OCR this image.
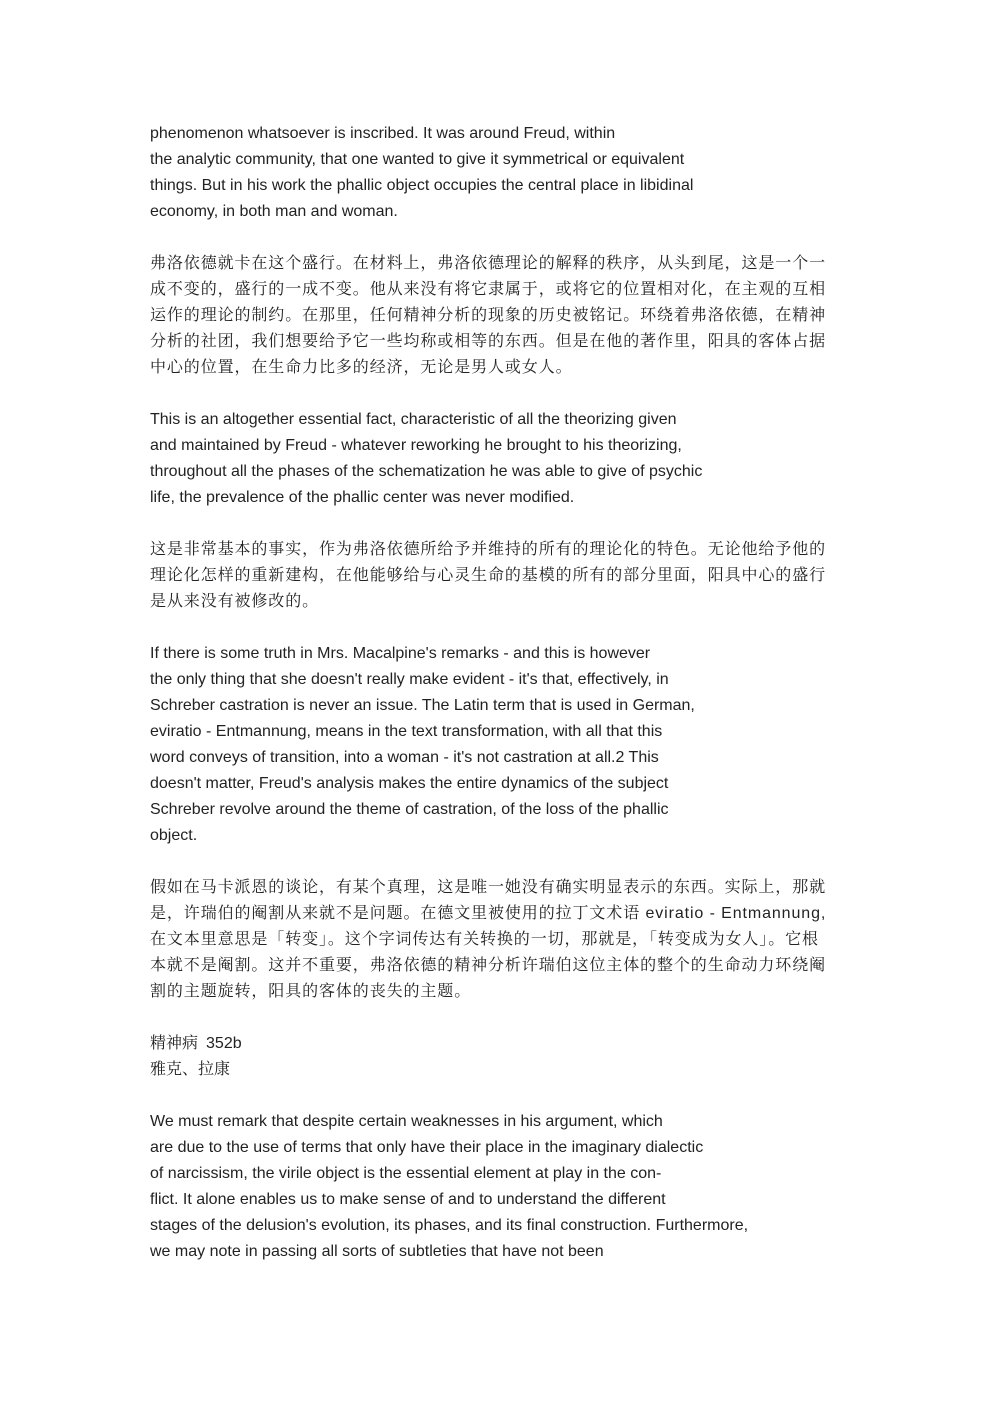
phenomenon whatsoever is inscribed. It was around Freud, within
the analytic community, that one wanted to give it symmetrical or equivalent
things. But in his work the phallic object occupies the central place in libidinal
economy, in both man and woman.
弗洛依德就卡在这个盛行。在材料上，弗洛依德理论的解释的秩序，从头到尾，这是一个一
成不变的，盛行的一成不变。他从来没有将它隶属于，或将它的位置相对化，在主观的互相
运作的理论的制约。在那里，任何精神分析的现象的历史被铭记。环绕着弗洛依德，在精神
分析的社团，我们想要给予它一些均称或相等的东西。但是在他的著作里，阳具的客体占据
中心的位置，在生命力比多的经济，无论是男人或女人。
This is an altogether essential fact, characteristic of all the theorizing given
and maintained by Freud - whatever reworking he brought to his theorizing,
throughout all the phases of the schematization he was able to give of psychic
life, the prevalence of the phallic center was never modified.
这是非常基本的事实，作为弗洛依德所给予并维持的所有的理论化的特色。无论他给予他的
理论化怎样的重新建构，在他能够给与心灵生命的基模的所有的部分里面，阳具中心的盛行
是从来没有被修改的。
If there is some truth in Mrs. Macalpine's remarks - and this is however
the only thing that she doesn't really make evident - it's that, effectively, in
Schreber castration is never an issue. The Latin term that is used in German,
eviratio - Entmannung, means in the text transformation, with all that this
word conveys of transition, into a woman - it's not castration at all.2 This
doesn't matter, Freud's analysis makes the entire dynamics of the subject
Schreber revolve around the theme of castration, of the loss of the phallic
object.
假如在马卡派恩的谈论，有某个真理，这是唯一她没有确实明显表示的东西。实际上，那就
是，许瑞伯的阉割从来就不是问题。在德文里被使用的拉丁文术语 eviratio - Entmannung,
在文本里意思是「转变」。这个字词传达有关转换的一切，那就是，「转变成为女人」。它根
本就不是阉割。这并不重要，弗洛依德的精神分析许瑞伯这位主体的整个的生命动力环绕阉
割的主题旋转，阳具的客体的丧失的主题。
精神病 352b
雅克、拉康
We must remark that despite certain weaknesses in his argument, which
are due to the use of terms that only have their place in the imaginary dialectic
of narcissism, the virile object is the essential element at play in the con-
flict. It alone enables us to make sense of and to understand the different
stages of the delusion's evolution, its phases, and its final construction. Furthermore,
we may note in passing all sorts of subtleties that have not been
